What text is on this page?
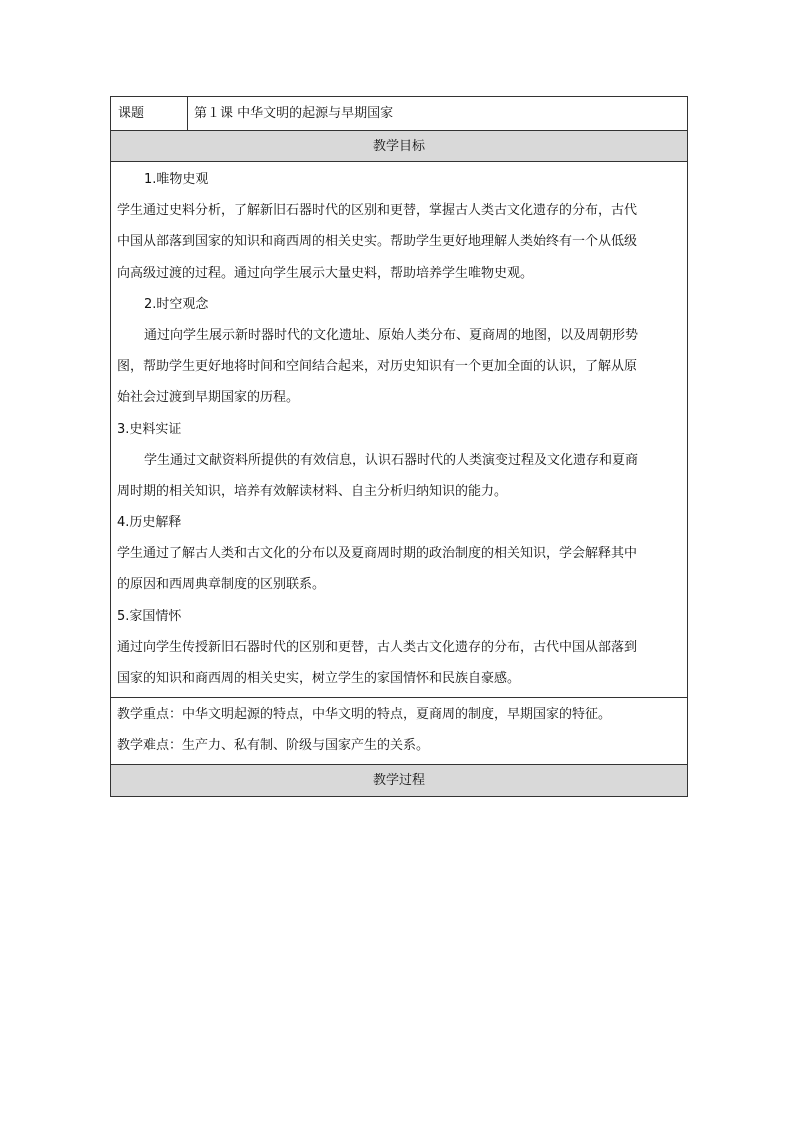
课题	第１课 中华文明的起源与早期国家
教学目标
1.唯物史观
学生通过史料分析，了解新旧石器时代的区别和更替，掌握古人类古文化遗存的分布，古代
中国从部落到国家的知识和商西周的相关史实。帮助学生更好地理解人类始终有一个从低级
向高级过渡的过程。通过向学生展示大量史料，帮助培养学生唯物史观。
2.时空观念
通过向学生展示新时器时代的文化遗址、原始人类分布、夏商周的地图，以及周朝形势
图，帮助学生更好地将时间和空间结合起来，对历史知识有一个更加全面的认识，了解从原
始社会过渡到早期国家的历程。
3.史料实证
学生通过文献资料所提供的有效信息，认识石器时代的人类演变过程及文化遗存和夏商
周时期的相关知识，培养有效解读材料、自主分析归纳知识的能力。
4.历史解释
学生通过了解古人类和古文化的分布以及夏商周时期的政治制度的相关知识，学会解释其中
的原因和西周典章制度的区别联系。
5.家国情怀
通过向学生传授新旧石器时代的区别和更替，古人类古文化遗存的分布，古代中国从部落到
国家的知识和商西周的相关史实，树立学生的家国情怀和民族自豪感。
教学重点：中华文明起源的特点，中华文明的特点，夏商周的制度，早期国家的特征。
教学难点：生产力、私有制、阶级与国家产生的关系。
教学过程
